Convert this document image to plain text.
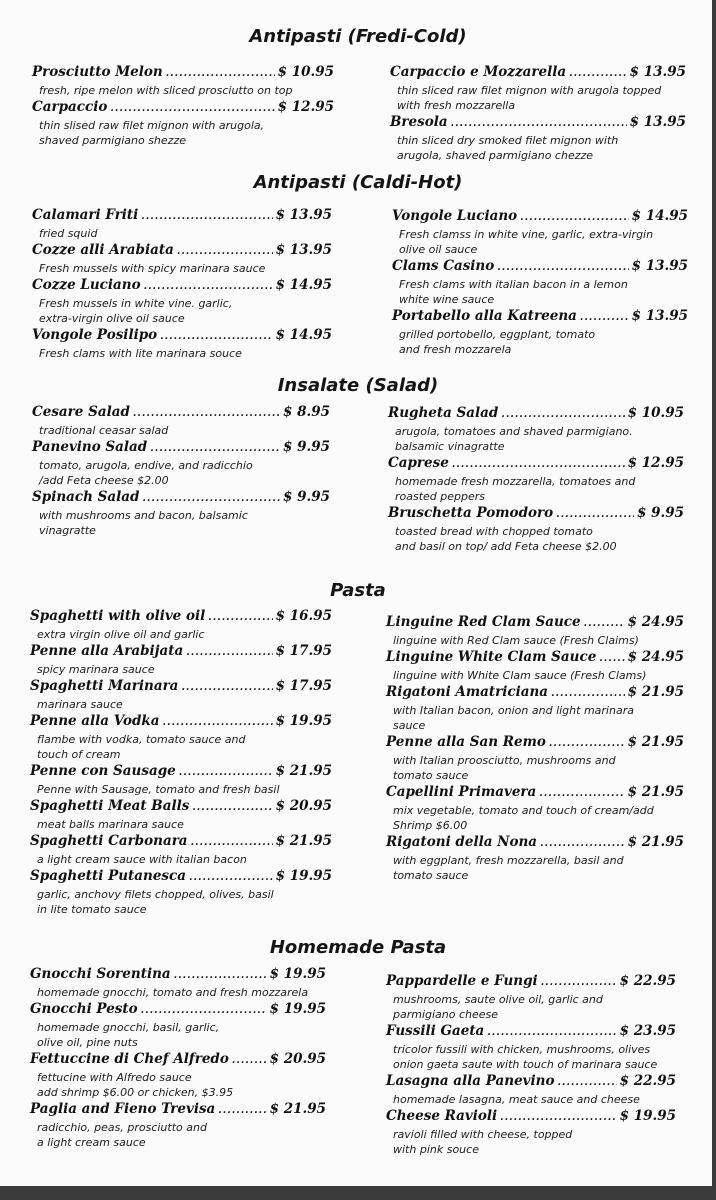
Antipasti (Fredi-Cold)
Prosciutto Melon .....	$ 10.95
fresh, ripe melon with sliced prosciutto on top
Carpaccio .....	$ 12.95
thin slised raw filet mignon with arugola,
shaved parmigiano shezze
Carpaccio e Mozzarella .....	$ 13.95
thin sliced raw filet mignon with arugola topped
with fresh mozzarella
Bresola .....	$ 13.95
thin sliced dry smoked filet mignon with
arugola, shaved parmigiano chezze
Antipasti (Caldi-Hot)
Calamari Friti .....	$ 13.95
fried squid
Cozze alli Arabiata .....	$ 13.95
Fresh mussels with spicy marinara sauce
Cozze Luciano .....	$ 14.95
Fresh mussels in white vine. garlic,
extra-virgin olive oil sauce
Vongole Posilipo .....	$ 14.95
Fresh clams with lite marinara souce
Vongole Luciano .....	$ 14.95
Fresh clamss in white vine, garlic, extra-virgin
olive oil sauce
Clams Casino .....	$ 13.95
Fresh clams with italian bacon in a lemon
white wine sauce
Portabello alla Katreena .....	$ 13.95
grilled portobello, eggplant, tomato
and fresh mozzarela
Insalate (Salad)
Cesare Salad .....	$ 8.95
traditional ceasar salad
Panevino Salad .....	$ 9.95
tomato, arugola, endive, and radicchio
/add Feta cheese $2.00
Spinach Salad .....	$ 9.95
with mushrooms and bacon, balsamic
vinagratte
Rugheta Salad .....	$ 10.95
arugola, tomatoes and shaved parmigiano.
balsamic vinagratte
Caprese .....	$ 12.95
homemade fresh mozzarella, tomatoes and
roasted peppers
Bruschetta Pomodoro .....	$ 9.95
toasted bread with chopped tomato
and basil on top/ add Feta cheese $2.00
Pasta
Spaghetti with olive oil .....	$ 16.95
extra virgin olive oil and garlic
Penne alla Arabijata .....	$ 17.95
spicy marinara sauce
Spaghetti Marinara .....	$ 17.95
marinara sauce
Penne alla Vodka .....	$ 19.95
flambe with vodka, tomato sauce and
touch of cream
Penne con Sausage .....	$ 21.95
Penne with Sausage, tomato and fresh basil
Spaghetti Meat Balls .....	$ 20.95
meat balls marinara sauce
Spaghetti Carbonara .....	$ 21.95
a light cream sauce with italian bacon
Spaghetti Putanesca .....	$ 19.95
garlic, anchovy filets chopped, olives, basil
in lite tomato sauce
Linguine Red Clam Sauce .....	$ 24.95
linguine with Red Clam sauce (Fresh Claims)
Linguine White Clam Sauce ..... $ 24.95
linguine with White Clam sauce (Fresh Clams)
Rigatoni Amatriciana .....	$ 21.95
with Italian bacon, onion and light marinara
sauce
Penne alla San Remo .....	$ 21.95
with Italian proosciutto, mushrooms and
tomato sauce
Capellini Primavera .....	$ 21.95
mix vegetable, tomato and touch of cream/add
Shrimp $6.00
Rigatoni della Nona .....	$ 21.95
with eggplant, fresh mozzarella, basil and
tomato sauce
Homemade Pasta
Gnocchi Sorentina .....	$ 19.95
homemade gnocchi, tomato and fresh mozzarela
Gnocchi Pesto .....	$ 19.95
homemade gnocchi, basil, garlic,
olive oil, pine nuts
Fettuccine di Chef Alfredo .....	$ 20.95
fettucine with Alfredo sauce
add shrimp $6.00 or chicken, $3.95
Paglia and Fieno Trevisa .....	$ 21.95
radicchio, peas, prosciutto and
a light cream sauce
Pappardelle e Fungi .....	$ 22.95
mushrooms, saute olive oil, garlic and
parmigiano cheese
Fussili Gaeta .....	$ 23.95
tricolor fussili with chicken, mushrooms, olives
onion gaeta saute with touch of marinara sauce
Lasagna alla Panevino .....	$ 22.95
homemade lasagna, meat sauce and cheese
Cheese Ravioli .....	$ 19.95
ravioli filled with cheese, topped
with pink souce
